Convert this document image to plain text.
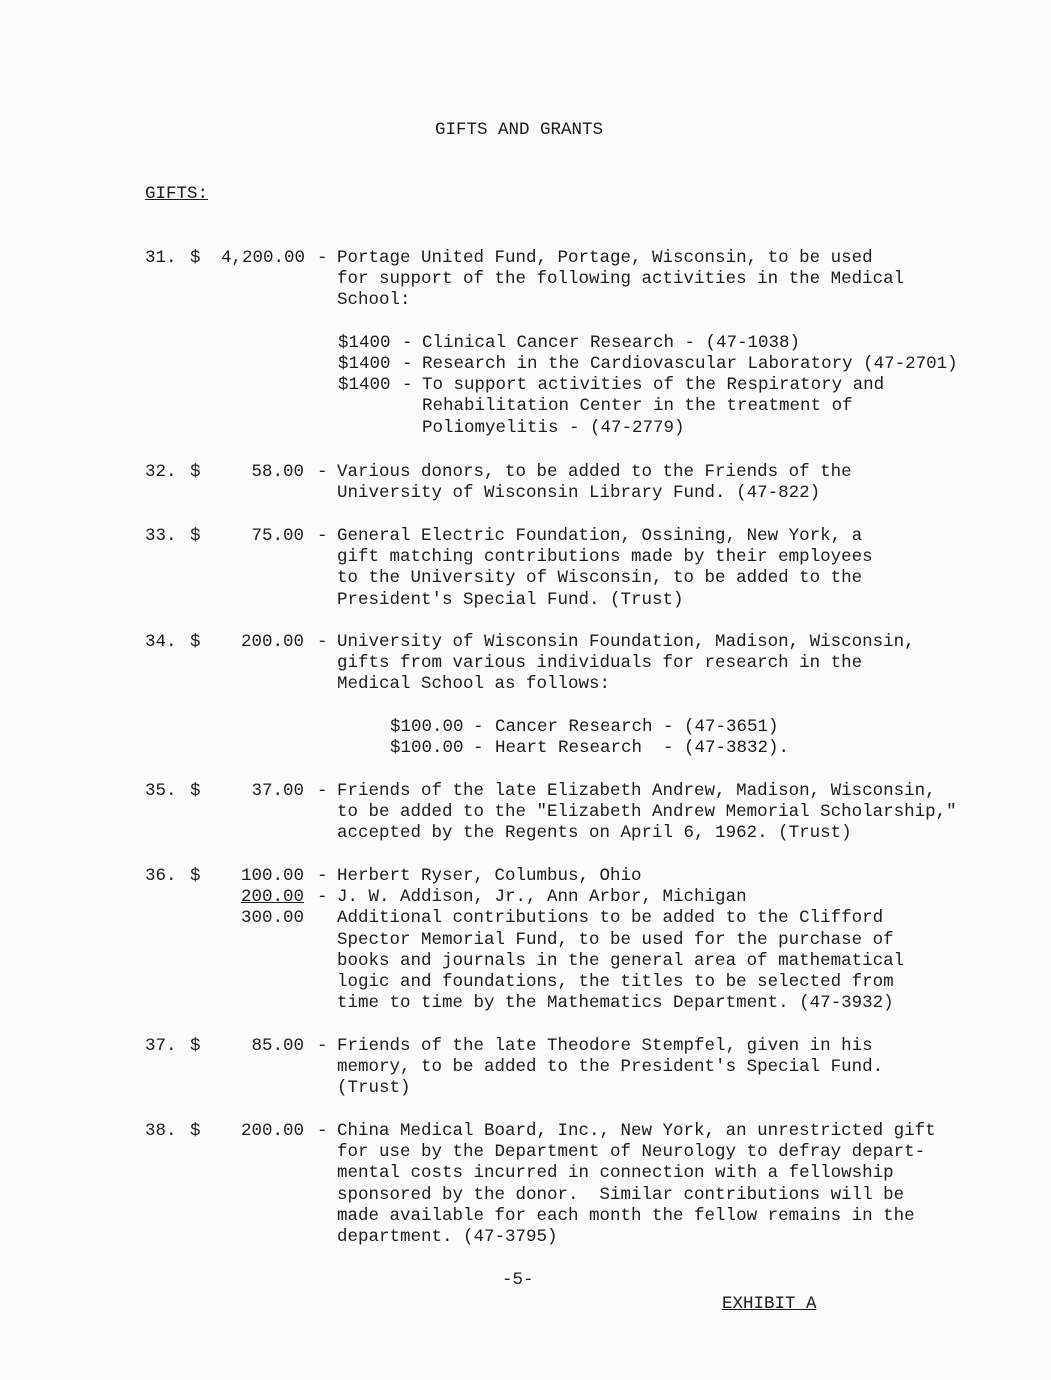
GIFTS AND GRANTS
GIFTS:
31. $ 4,200.00 - Portage United Fund, Portage, Wisconsin, to be used
for support of the following activities in the Medical
School:
$1400 - Clinical Cancer Research - (47-1038)
$1400 - Research in the Cardiovascular Laboratory (47-2701)
$1400 - To support activities of the Respiratory and
Rehabilitation Center in the treatment of
Poliomyelitis - (47-2779)
32. $	58.00 - Various donors, to be added to the Friends of the
University of Wisconsin Library Fund. (47-822)
33. $	75.00 - General Electric Foundation, Ossining, New York, a
gift matching contributions made by their employees
to the University of Wisconsin, to be added to the
President's Special Fund. (Trust)
34. $	200.00 - University of Wisconsin Foundation, Madison, Wisconsin,
gifts from various individuals for research in the
Medical School as follows:
$100.00 - Cancer Research - (47-3651)
$100.00 - Heart Research  - (47-3832).
35. $	37.00 - Friends of the late Elizabeth Andrew, Madison, Wisconsin,
to be added to the "Elizabeth Andrew Memorial Scholarship,"
accepted by the Regents on April 6, 1962. (Trust)
36. $	100.00 - Herbert Ryser, Columbus, Ohio
200.00 - J. W. Addison, Jr., Ann Arbor, Michigan
300.00 Additional contributions to be added to the Clifford
Spector Memorial Fund, to be used for the purchase of
books and journals in the general area of mathematical
logic and foundations, the titles to be selected from
time to time by the Mathematics Department. (47-3932)
37. $	85.00 - Friends of the late Theodore Stempfel, given in his
memory, to be added to the President's Special Fund.
(Trust)
38. $	200.00 - China Medical Board, Inc., New York, an unrestricted gift
for use by the Department of Neurology to defray depart-
mental costs incurred in connection with a fellowship
sponsored by the donor.  Similar contributions will be
made available for each month the fellow remains in the
department. (47-3795)
-5-
EXHIBIT A
